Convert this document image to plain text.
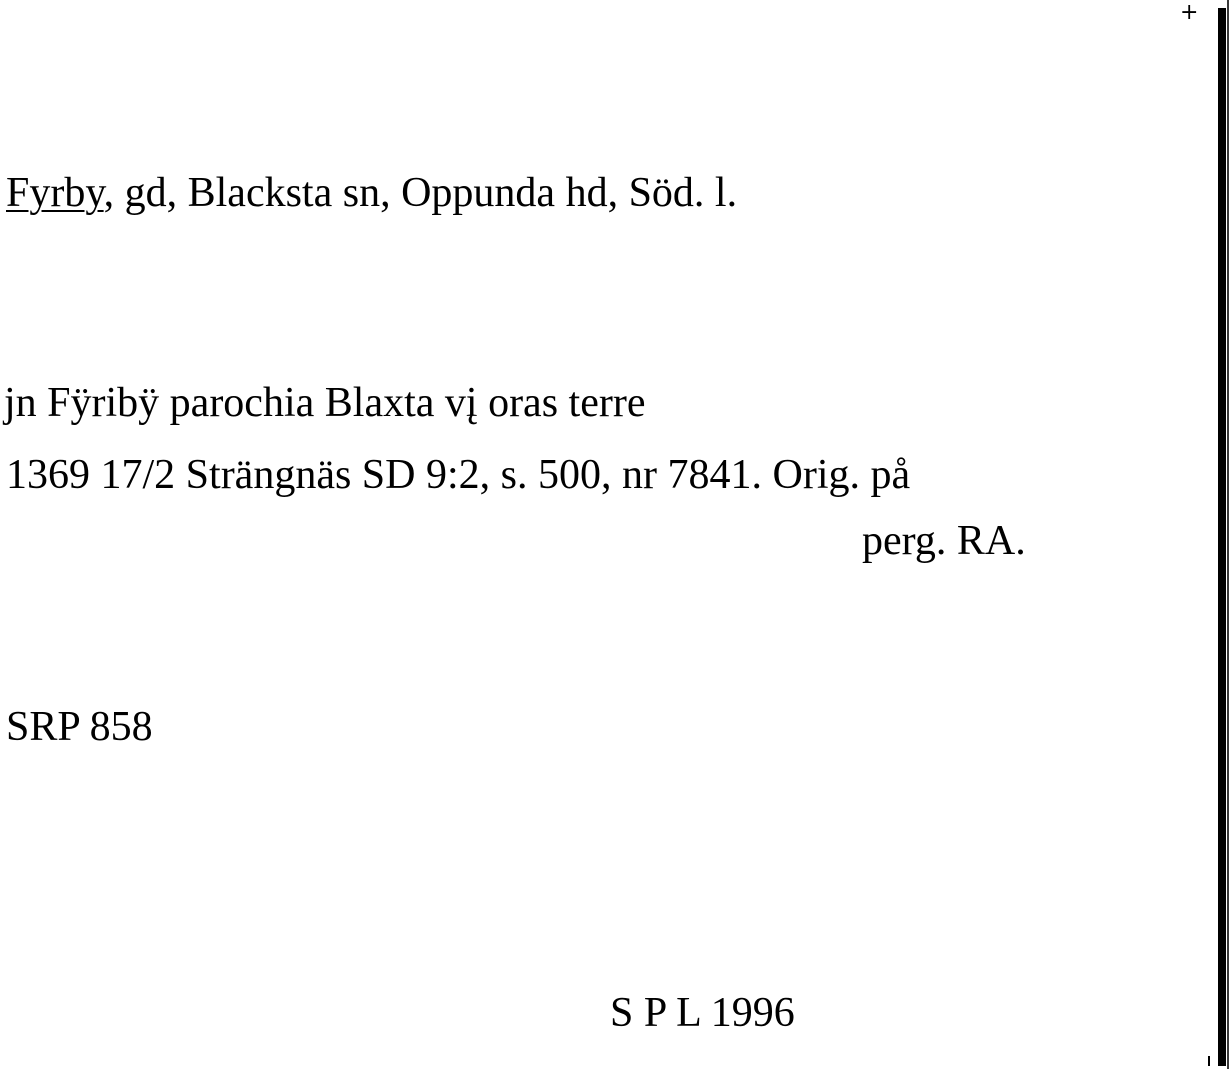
Fyrby, gd, Blacksta sn, Oppunda hd, Söd. l.
jn Fÿribÿ parochia Blaxta vį oras terre
1369 17/2 Strängnäs SD 9:2, s. 500, nr 7841. Orig. på
perg. RA.
SRP 858
S P L 1996
+
